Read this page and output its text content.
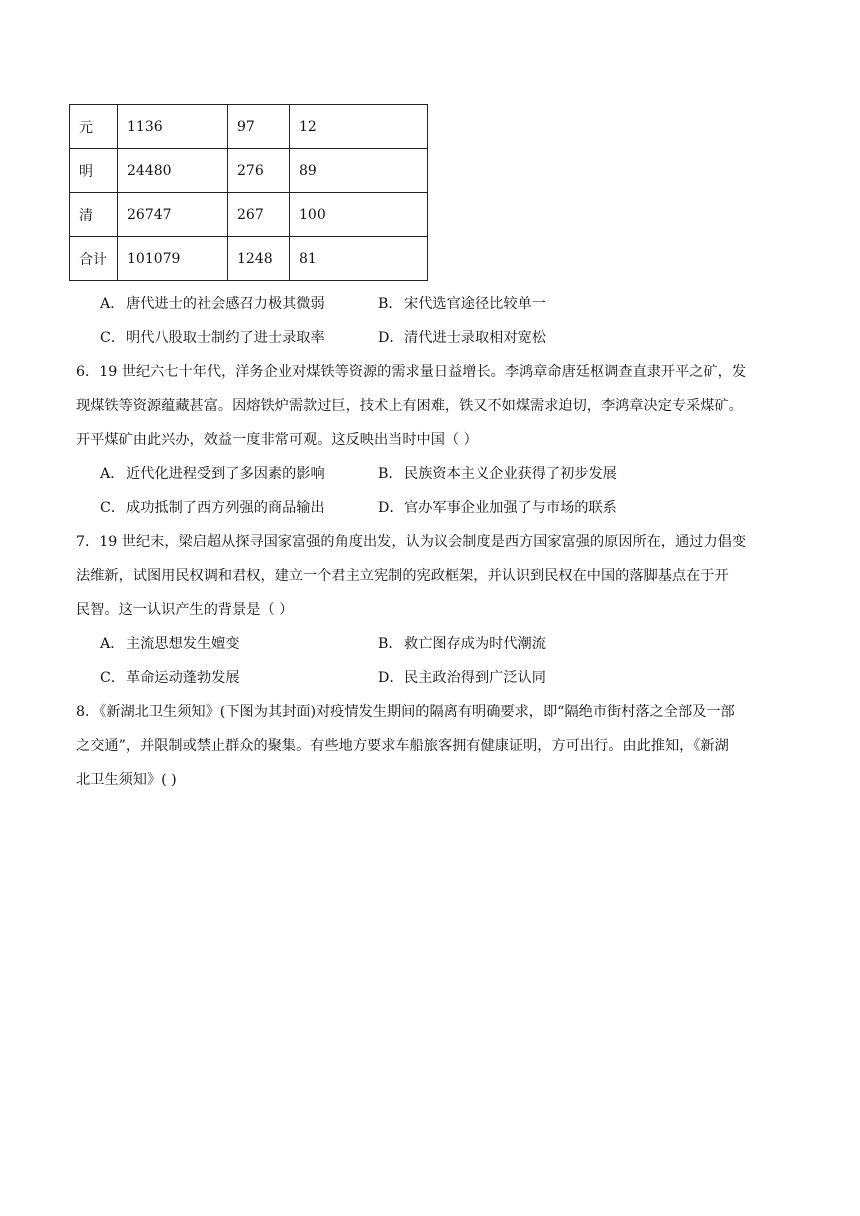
元	1136	97	12
明	24480	276	89
清	26747	267	100
合计	101079	1248	81
A． 唐代进士的社会感召力极其微弱	B．宋代选官途径比较单一
C．明代八股取士制约了进士录取率	D．清代进士录取相对宽松
6．19 世纪六七十年代，洋务企业对煤铁等资源的需求量日益增长。李鸿章命唐廷枢调查直隶开平之矿，发
现煤铁等资源蕴藏甚富。因熔铁炉需款过巨，技术上有困难，铁又不如煤需求迫切，李鸿章决定专采煤矿。
开平煤矿由此兴办，效益一度非常可观。这反映出当时中国（ ）
A． 近代化进程受到了多因素的影响	B．民族资本主义企业获得了初步发展
C．成功抵制了西方列强的商品输出	D．官办军事企业加强了与市场的联系
7．19 世纪末，梁启超从探寻国家富强的角度出发，认为议会制度是西方国家富强的原因所在，通过力倡变
法维新，试图用民权调和君权，建立一个君主立宪制的宪政框架，并认识到民权在中国的落脚基点在于开
民智。这一认识产生的背景是（ ）
A． 主流思想发生嬗变	B．救亡图存成为时代潮流
C．革命运动蓬勃发展	D．民主政治得到广泛认同
8．《新湖北卫生须知》(下图为其封面)对疫情发生期间的隔离有明确要求，即“隔绝市街村落之全部及一部
之交通”，并限制或禁止群众的聚集。有些地方要求车船旅客拥有健康证明，方可出行。由此推知，《新湖
北卫生须知》( )
